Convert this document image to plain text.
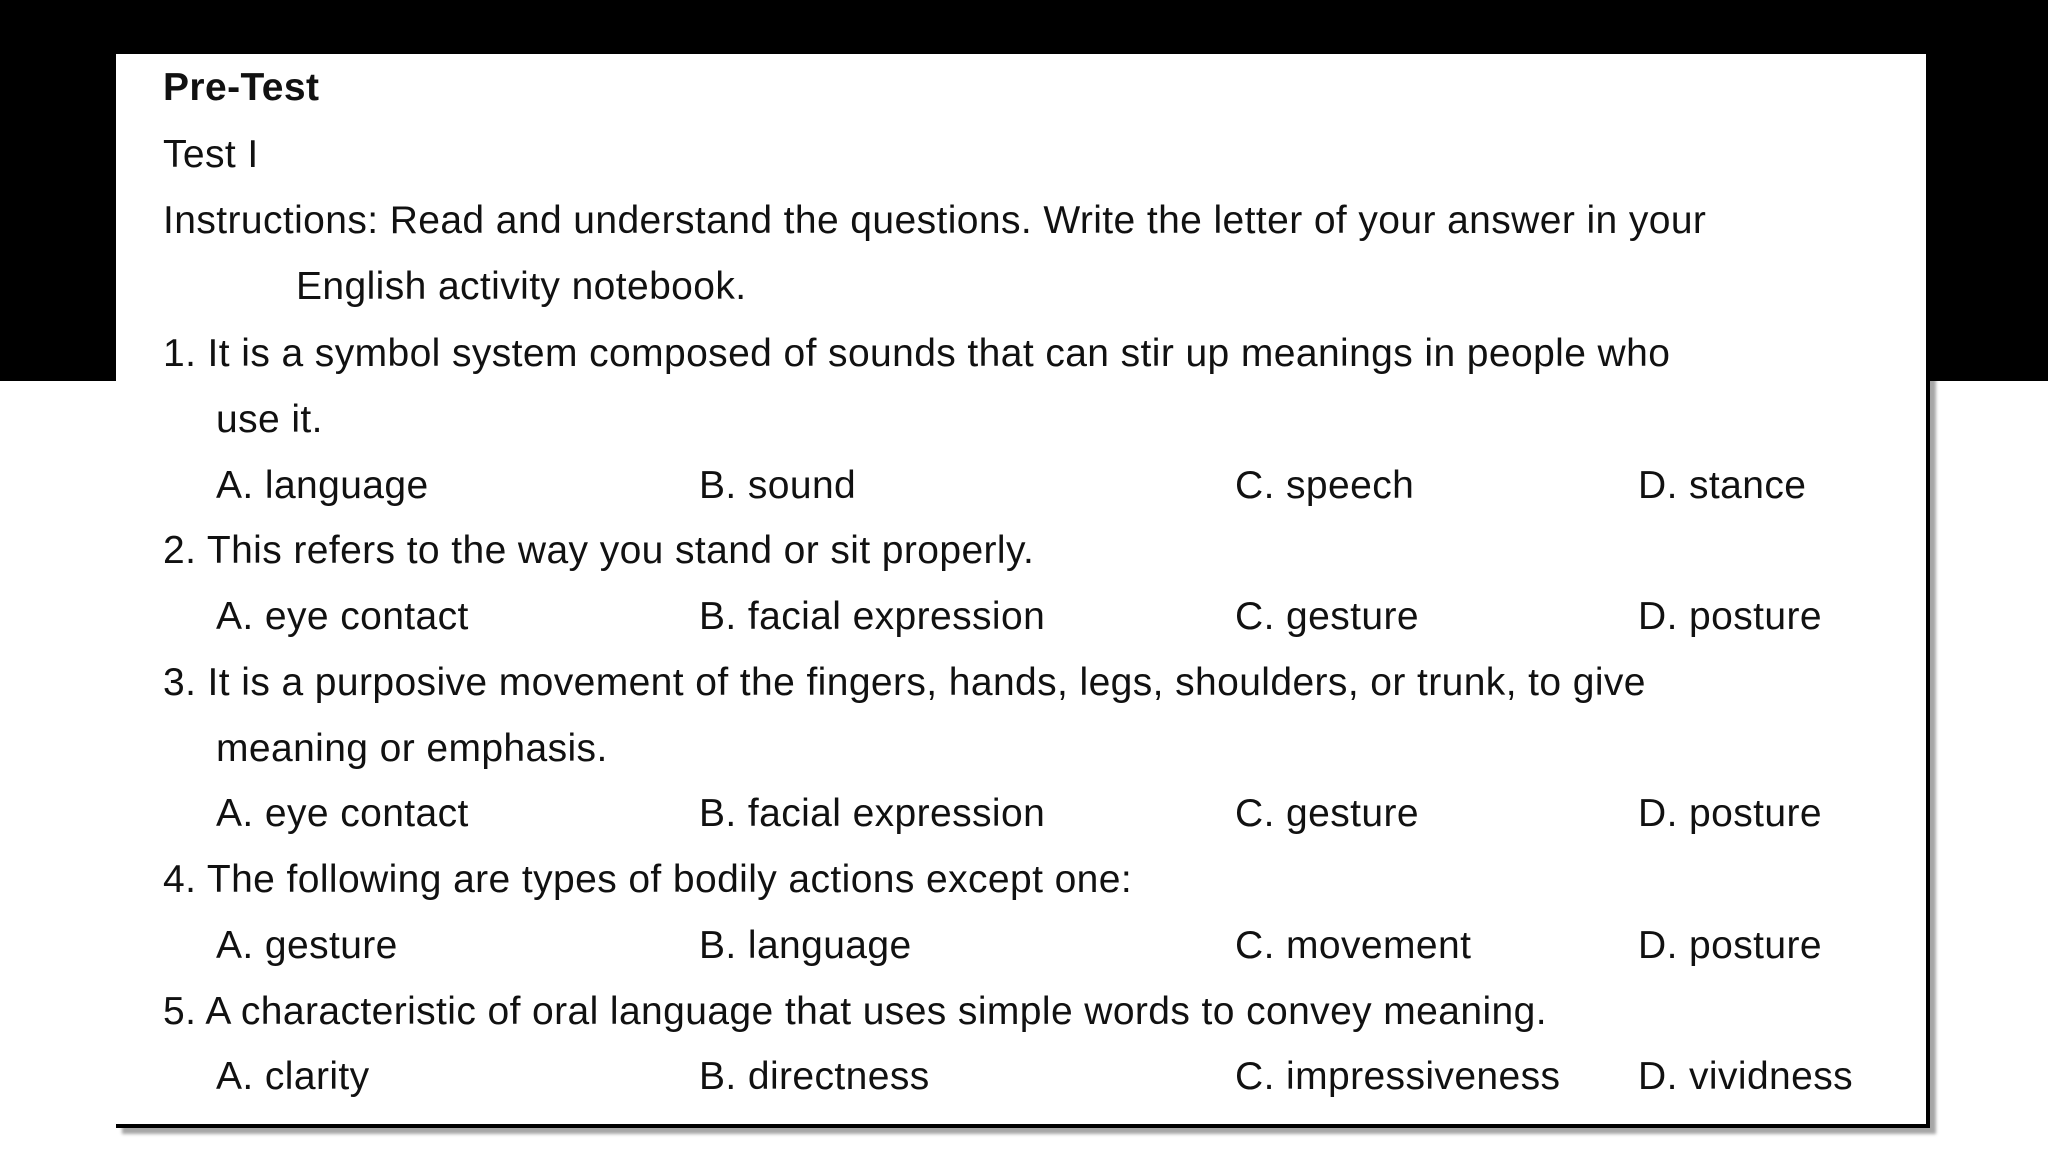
Pre-Test
Test I
Instructions: Read and understand the questions. Write the letter of your answer in your
English activity notebook.
1. It is a symbol system composed of sounds that can stir up meanings in people who
use it.
A. language	B. sound	C. speech	D. stance
2. This refers to the way you stand or sit properly.
A. eye contact	B. facial expression	C. gesture	D. posture
3. It is a purposive movement of the fingers, hands, legs, shoulders, or trunk, to give
meaning or emphasis.
A. eye contact	B. facial expression	C. gesture	D. posture
4. The following are types of bodily actions except one:
A. gesture	B. language	C. movement	D. posture
5. A characteristic of oral language that uses simple words to convey meaning.
A. clarity	B. directness	C. impressiveness D. vividness
